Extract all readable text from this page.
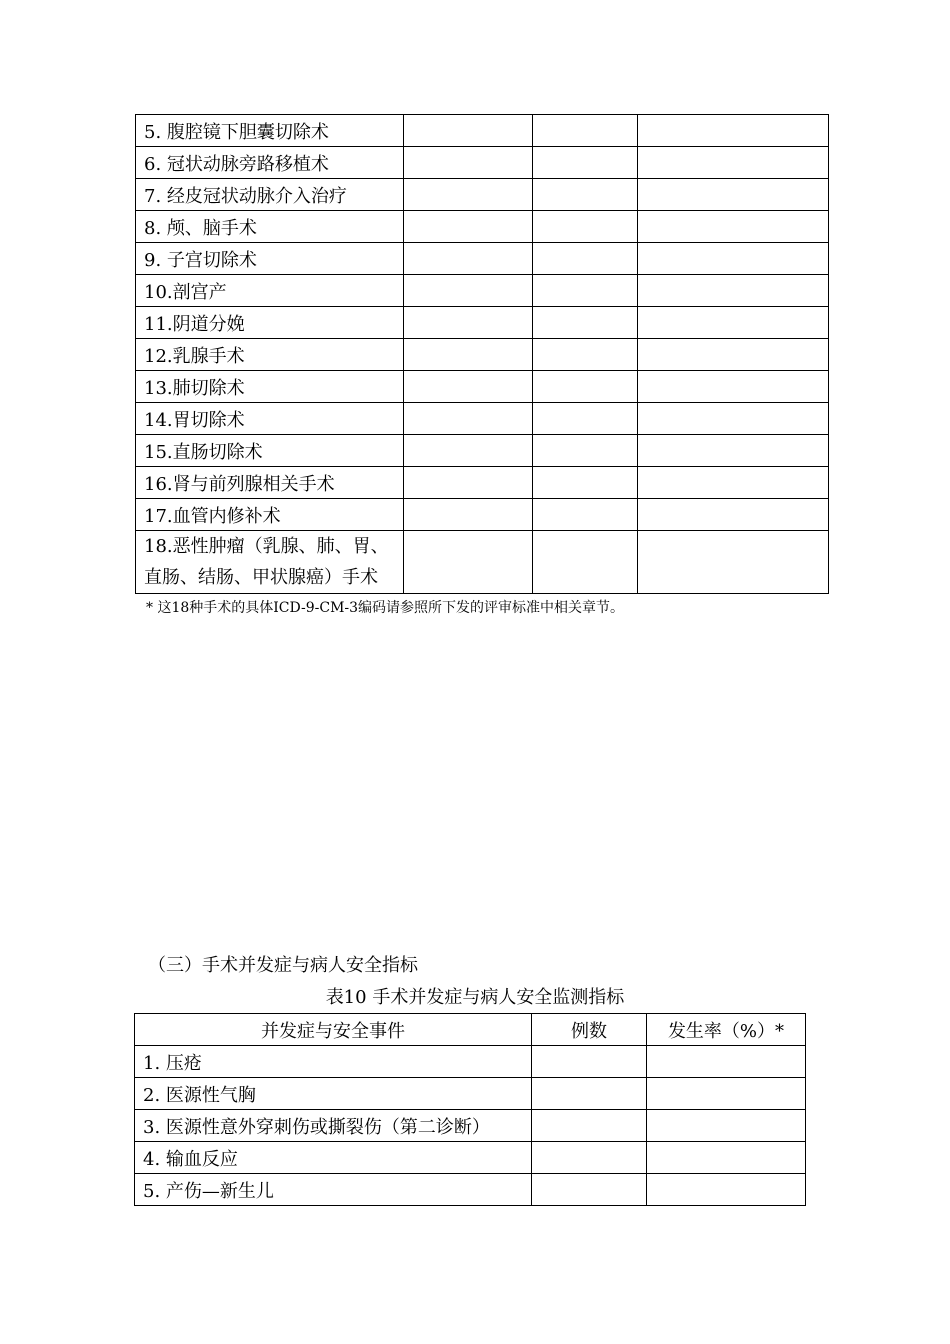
5. 腹腔镜下胆囊切除术			
6. 冠状动脉旁路移植术			
7. 经皮冠状动脉介入治疗			
8. 颅、脑手术			
9. 子宫切除术			
10.剖宫产			
11.阴道分娩			
12.乳腺手术			
13.肺切除术			
14.胃切除术			
15.直肠切除术			
16.肾与前列腺相关手术			
17.血管内修补术			

18.恶性肿瘤（乳腺、肺、胃、
直肠、结肠、甲状腺癌）手术			

* 这18种手术的具体ICD-9-CM-3编码请参照所下发的评审标准中相关章节。
（三）手术并发症与病人安全指标
表10 手术并发症与病人安全监测指标
并发症与安全事件	例数	发生率（%）*
1. 压疮		
2. 医源性气胸		
3. 医源性意外穿刺伤或撕裂伤（第二诊断）		
4. 输血反应		
5. 产伤—新生儿		
